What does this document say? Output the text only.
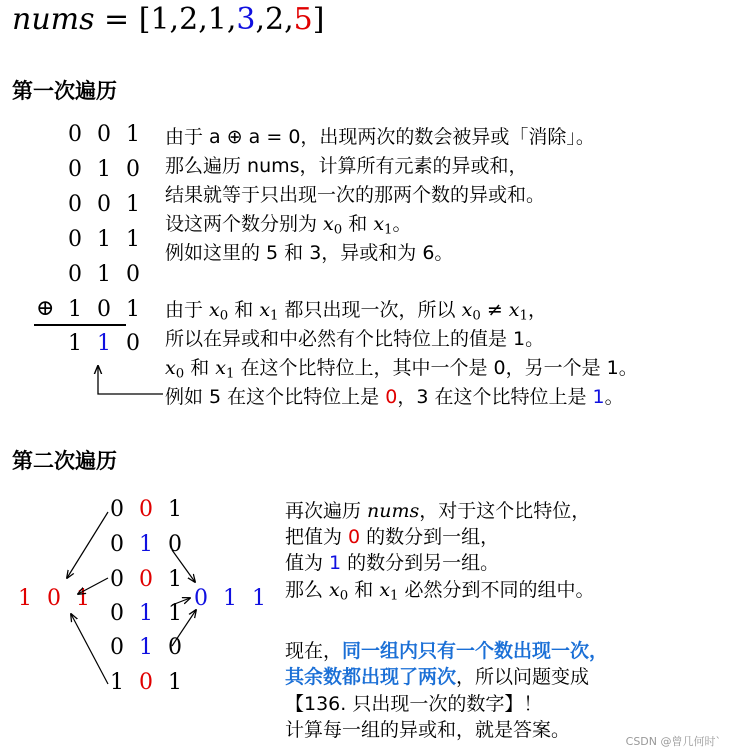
nums = [1,2,1,3,2,5]
第一次遍历
0 0 1
0 1 0
0 0 1
0 1 1
0 1 0
⊕ 1 0 1
1 1 0
由于 a ⊕ a = 0，出现两次的数会被异或「消除」。
那么遍历 nums，计算所有元素的异或和，
结果就等于只出现一次的那两个数的异或和。
设这两个数分别为 $x_0$ 和 $x_1$。
例如这里的 5 和 3，异或和为 6。
由于 $x_0$ 和 $x_1$ 都只出现一次，所以 $x_0 \ne x_1$，
所以在异或和中必然有个比特位上的值是 1。
$x_0$ 和 $x_1$ 在这个比特位上，其中一个是 0，另一个是 1。
例如 5 在这个比特位上是 0，3 在这个比特位上是 1。
第二次遍历
1 0 1	0 1 1
0 0 1
0 1 0
0 0 1
0 1 1
0 1 0
1 0 1
再次遍历 nums，对于这个比特位，
把值为 0 的数分到一组，
值为 1 的数分到另一组。
那么 $x_0$ 和 $x_1$ 必然分到不同的组中。
现在，同一组内只有一个数出现一次，
其余数都出现了两次，所以问题变成
【136. 只出现一次的数字】！
计算每一组的异或和，就是答案。
CSDN @曾几何时`
